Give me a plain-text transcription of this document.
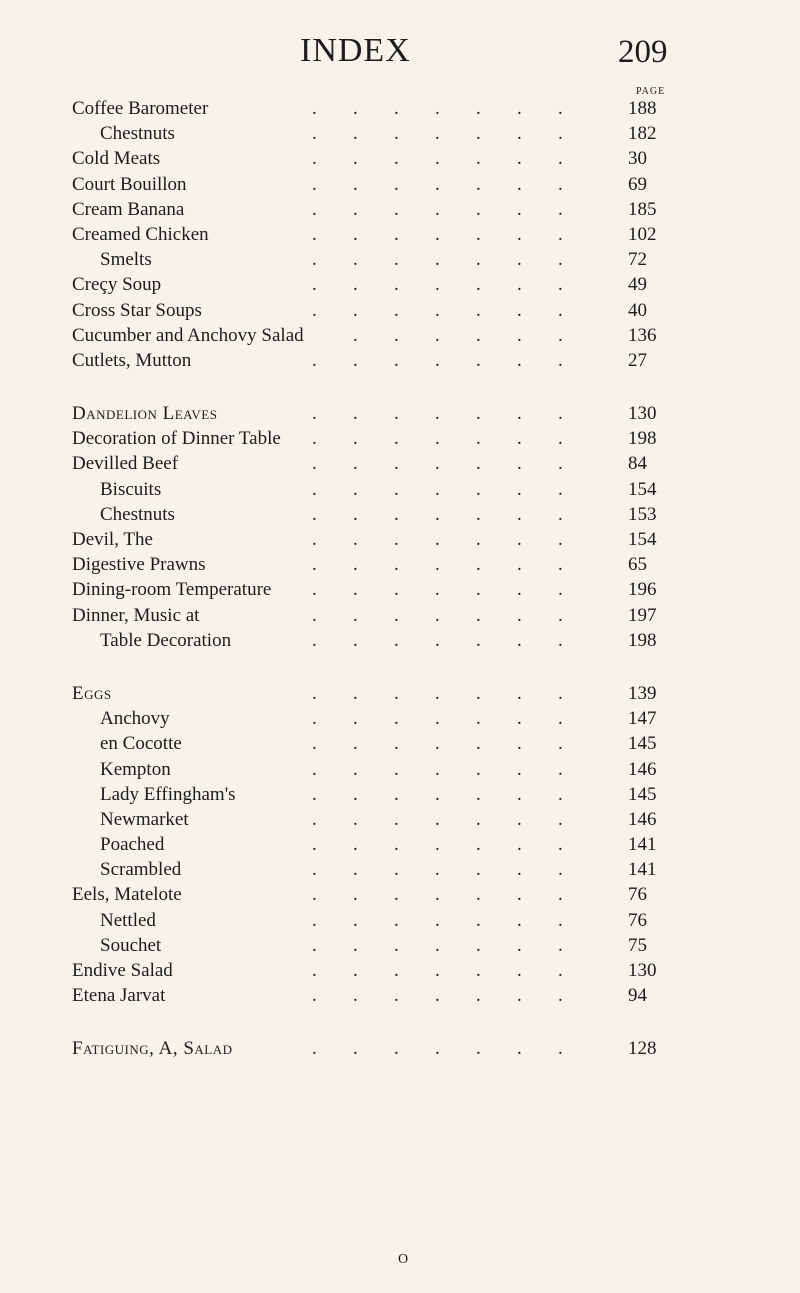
INDEX	209
PAGE
Coffee Barometer	. . . . . . .	188
Chestnuts	. . . . . . .	182
Cold Meats	. . . . . . .	30
Court Bouillon	. . . . . . .	69
Cream Banana	. . . . . . .	185
Creamed Chicken	. . . . . . .	102
Smelts	. . . . . . .	72
Creçy Soup	. . . . . . .	49
Cross Star Soups	. . . . . . .	40
Cucumber and Anchovy Salad	. . . . . .	136
Cutlets, Mutton	. . . . . . .	27
Dandelion Leaves	. . . . . . .	130
Decoration of Dinner Table . . . . . . .	198
Devilled Beef	. . . . . . .	84
Biscuits	. . . . . . .	154
Chestnuts	. . . . . . .	153
Devil, The	. . . . . . .	154
Digestive Prawns	. . . . . . .	65
Dining-room Temperature . . . . . . .	196
Dinner, Music at	. . . . . . .	197
Table Decoration	. . . . . . .	198
Eggs	. . . . . . .	139
Anchovy	. . . . . . .	147
en Cocotte	. . . . . . .	145
Kempton	. . . . . . .	146
Lady Effingham's	. . . . . . .	145
Newmarket	. . . . . . .	146
Poached	. . . . . . .	141
Scrambled	. . . . . . .	141
Eels, Matelote	. . . . . . .	76
Nettled	. . . . . . .	76
Souchet	. . . . . . .	75
Endive Salad	. . . . . . .	130
Etena Jarvat	. . . . . . .	94
Fatiguing, A, Salad	. . . . . . .	128
O
